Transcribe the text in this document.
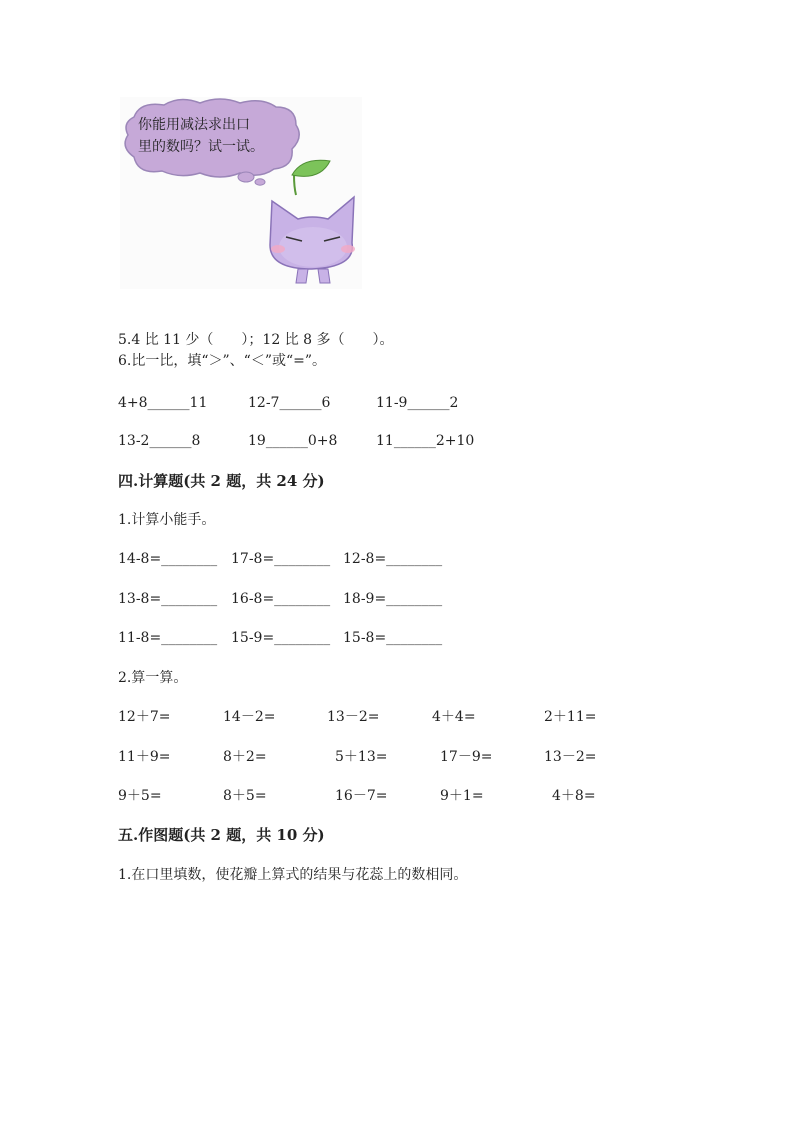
你能用减法求出口
里的数吗？试一试。
5.4 比 11 少（　　）；12 比 8 多（　　）。
6.比一比，填“＞”、“＜”或“=”。
4+8______11	12-7______6	11-9______2
13-2______8	19______0+8	11______2+10
四.计算题(共 2 题，共 24 分)
1.计算小能手。
14-8=________ 17-8=________ 12-8=________
13-8=________ 16-8=________ 18-9=________
11-8=________ 15-9=________ 15-8=________
2.算一算。
12＋7=	14－2=	13－2=	4＋4=	2＋11=
11＋9=	8＋2=	5＋13=	17－9=	13－2=
9＋5=	8＋5=	16－7=	9＋1=	4＋8=
五.作图题(共 2 题，共 10 分)
1.在口里填数，使花瓣上算式的结果与花蕊上的数相同。
